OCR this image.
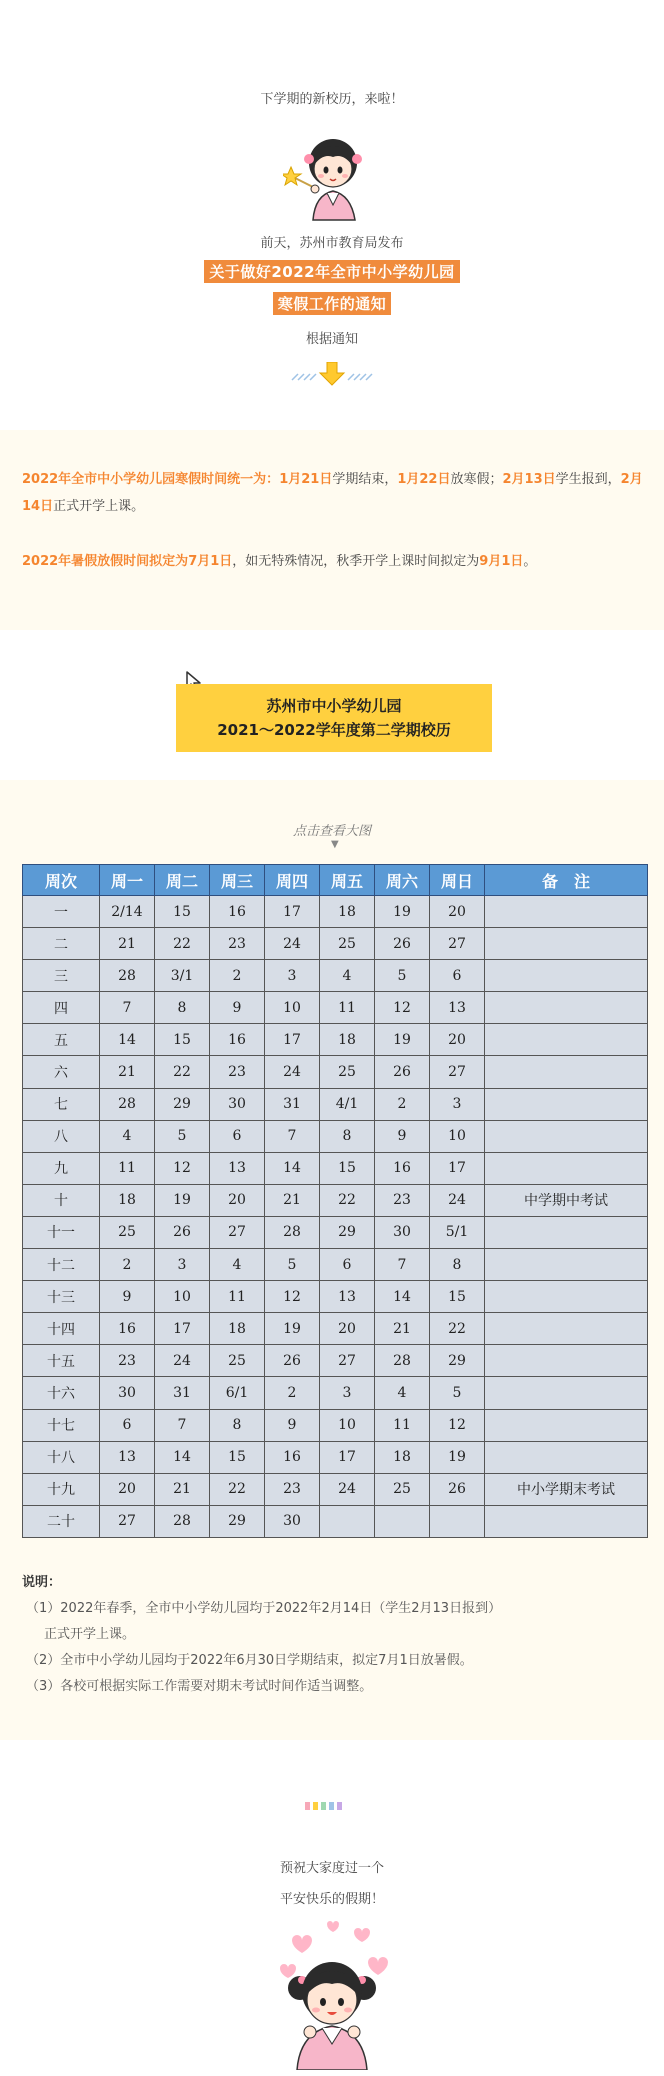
下学期的新校历，来啦！
前天，苏州市教育局发布
关于做好2022年全市中小学幼儿园
寒假工作的通知
根据通知

2022年全市中小学幼儿园寒假时间统一为：1月21日学期结束，1月22日放寒假；2月13日学生报到，2月14日正式开学上课。

2022年暑假放假时间拟定为7月1日，如无特殊情况，秋季开学上课时间拟定为9月1日。

苏州市中小学幼儿园
2021～2022学年度第二学期校历
点击查看大图
▼
周次	周一	周二	周三	周四	周五	周六	周日	备　注
一	2/14	15	16	17	18	19	20	
二	21	22	23	24	25	26	27	
三	28	3/1	2	3	4	5	6	
四	7	8	9	10	11	12	13	
五	14	15	16	17	18	19	20	
六	21	22	23	24	25	26	27	
七	28	29	30	31	4/1	2	3	
八	4	5	6	7	8	9	10	
九	11	12	13	14	15	16	17	
十	18	19	20	21	22	23	24	中学期中考试
十一	25	26	27	28	29	30	5/1	
十二	2	3	4	5	6	7	8	
十三	9	10	11	12	13	14	15	
十四	16	17	18	19	20	21	22	
十五	23	24	25	26	27	28	29	
十六	30	31	6/1	2	3	4	5	
十七	6	7	8	9	10	11	12	
十八	13	14	15	16	17	18	19	
十九	20	21	22	23	24	25	26	中小学期末考试
二十	27	28	29	30				
说明：
（1）2022年春季，全市中小学幼儿园均于2022年2月14日（学生2月13日报到）
正式开学上课。
（2）全市中小学幼儿园均于2022年6月30日学期结束，拟定7月1日放暑假。
（3）各校可根据实际工作需要对期末考试时间作适当调整。
预祝大家度过一个
平安快乐的假期！
